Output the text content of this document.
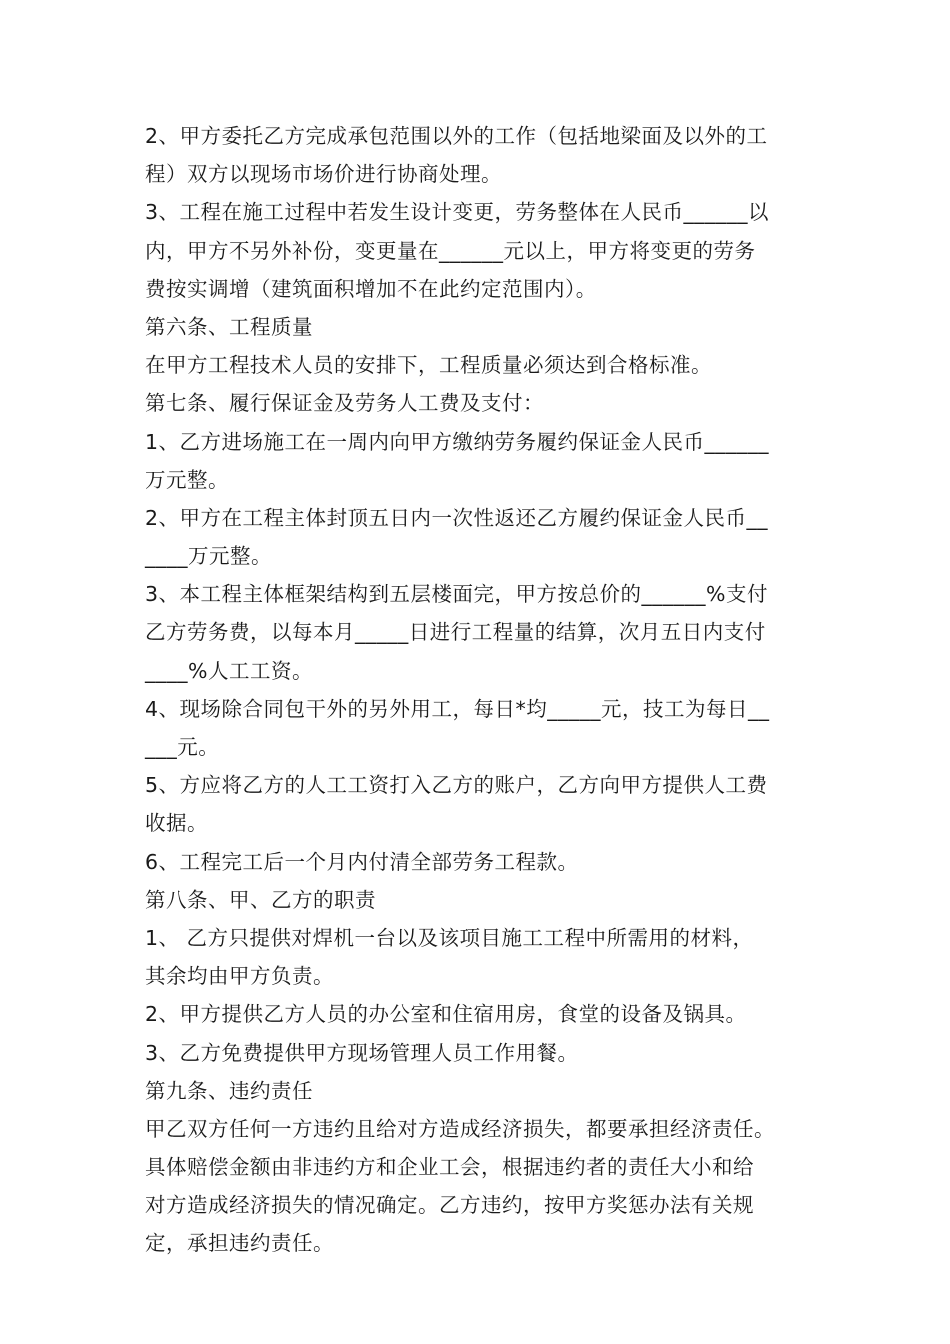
2、甲方委托乙方完成承包范围以外的工作（包括地梁面及以外的工
程）双方以现场市场价进行协商处理。
3、工程在施工过程中若发生设计变更，劳务整体在人民币______以
内，甲方不另外补份，变更量在______元以上，甲方将变更的劳务
费按实调增（建筑面积增加不在此约定范围内）。
第六条、工程质量
在甲方工程技术人员的安排下，工程质量必须达到合格标准。
第七条、履行保证金及劳务人工费及支付：
1、乙方进场施工在一周内向甲方缴纳劳务履约保证金人民币______
万元整。
2、甲方在工程主体封顶五日内一次性返还乙方履约保证金人民币__
____万元整。
3、本工程主体框架结构到五层楼面完，甲方按总价的______%支付
乙方劳务费，以每本月_____日进行工程量的结算，次月五日内支付
____%人工工资。
4、现场除合同包干外的另外用工，每日*均_____元，技工为每日__
___元。
5、方应将乙方的人工工资打入乙方的账户，乙方向甲方提供人工费
收据。
6、工程完工后一个月内付清全部劳务工程款。
第八条、甲、乙方的职责
1、 乙方只提供对焊机一台以及该项目施工工程中所需用的材料，
其余均由甲方负责。
2、甲方提供乙方人员的办公室和住宿用房，食堂的设备及锅具。
3、乙方免费提供甲方现场管理人员工作用餐。
第九条、违约责任
甲乙双方任何一方违约且给对方造成经济损失，都要承担经济责任。
具体赔偿金额由非违约方和企业工会，根据违约者的责任大小和给
对方造成经济损失的情况确定。乙方违约，按甲方奖惩办法有关规
定，承担违约责任。
